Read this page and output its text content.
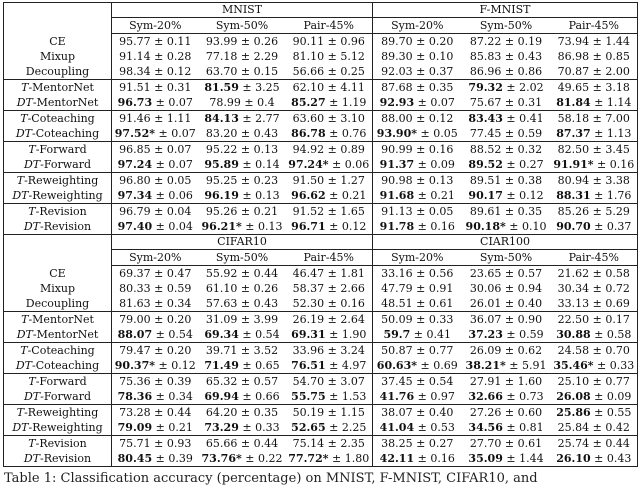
	MNIST			F-MNIST		
	Sym-20%	Sym-50%	Pair-45%	Sym-20%	Sym-50%	Pair-45%
CE	95.77 ± 0.11	93.99 ± 0.26	90.11 ± 0.96	89.70 ± 0.20	87.22 ± 0.19	73.94 ± 1.44
Mixup	91.14 ± 0.28	77.18 ± 2.29	81.10 ± 5.12	89.30 ± 0.10	85.83 ± 0.43	86.98 ± 0.85
Decoupling	98.34 ± 0.12	63.70 ± 0.15	56.66 ± 0.25	92.03 ± 0.37	86.96 ± 0.86	70.87 ± 2.00
T-MentorNet	91.51 ± 0.31	81.59 ± 3.25	62.10 ± 4.11	87.68 ± 0.35	79.32 ± 2.02	49.65 ± 3.18
DT-MentorNet	96.73 ± 0.07	78.99 ± 0.4	85.27 ± 1.19	92.93 ± 0.07	75.67 ± 0.31	81.84 ± 1.14
T-Coteaching	91.46 ± 1.11	84.13 ± 2.77	63.60 ± 3.10	88.00 ± 0.12	83.43 ± 0.41	58.18 ± 7.00
DT-Coteaching	97.52* ± 0.07	83.20 ± 0.43	86.78 ± 0.76	93.90* ± 0.05	77.45 ± 0.59	87.37 ± 1.13
T-Forward	96.85 ± 0.07	95.22 ± 0.13	94.92 ± 0.89	90.99 ± 0.16	88.52 ± 0.32	82.50 ± 3.45
DT-Forward	97.24 ± 0.07	95.89 ± 0.14	97.24* ± 0.06	91.37 ± 0.09	89.52 ± 0.27	91.91* ± 0.16
T-Reweighting	96.80 ± 0.05	95.25 ± 0.23	91.50 ± 1.27	90.98 ± 0.13	89.51 ± 0.38	80.94 ± 3.38
DT-Reweighting	97.34 ± 0.06	96.19 ± 0.13	96.62 ± 0.21	91.68 ± 0.21	90.17 ± 0.12	88.31 ± 1.76
T-Revision	96.79 ± 0.04	95.26 ± 0.21	91.52 ± 1.65	91.13 ± 0.05	89.61 ± 0.35	85.26 ± 5.29
DT-Revision	97.40 ± 0.04	96.21* ± 0.13	96.71 ± 0.12	91.78 ± 0.16	90.18* ± 0.10	90.70 ± 0.37
	CIFAR10			CIAR100		
	Sym-20%	Sym-50%	Pair-45%	Sym-20%	Sym-50%	Pair-45%
CE	69.37 ± 0.47	55.92 ± 0.44	46.47 ± 1.81	33.16 ± 0.56	23.65 ± 0.57	21.62 ± 0.58
Mixup	80.33 ± 0.59	61.10 ± 0.26	58.37 ± 2.66	47.79 ± 0.91	30.06 ± 0.94	30.34 ± 0.72
Decoupling	81.63 ± 0.34	57.63 ± 0.43	52.30 ± 0.16	48.51 ± 0.61	26.01 ± 0.40	33.13 ± 0.69
T-MentorNet	79.00 ± 0.20	31.09 ± 3.99	26.19 ± 2.64	50.09 ± 0.33	36.07 ± 0.90	22.50 ± 0.17
DT-MentorNet	88.07 ± 0.54	69.34 ± 0.54	69.31 ± 1.90	59.7 ± 0.41	37.23 ± 0.59	30.88 ± 0.58
T-Coteaching	79.47 ± 0.20	39.71 ± 3.52	33.96 ± 3.24	50.87 ± 0.77	26.09 ± 0.62	24.58 ± 0.70
DT-Coteaching	90.37* ± 0.12	71.49 ± 0.65	76.51 ± 4.97	60.63* ± 0.69	38.21* ± 5.91	35.46* ± 0.33
T-Forward	75.36 ± 0.39	65.32 ± 0.57	54.70 ± 3.07	37.45 ± 0.54	27.91 ± 1.60	25.10 ± 0.77
DT-Forward	78.36 ± 0.34	69.94 ± 0.66	55.75 ± 1.53	41.76 ± 0.97	32.66 ± 0.73	26.08 ± 0.09
T-Reweighting	73.28 ± 0.44	64.20 ± 0.35	50.19 ± 1.15	38.07 ± 0.40	27.26 ± 0.60	25.86 ± 0.55
DT-Reweighting	79.09 ± 0.21	73.29 ± 0.33	52.65 ± 2.25	41.04 ± 0.53	34.56 ± 0.81	25.84 ± 0.42
T-Revision	75.71 ± 0.93	65.66 ± 0.44	75.14 ± 2.35	38.25 ± 0.27	27.70 ± 0.61	25.74 ± 0.44
DT-Revision	80.45 ± 0.39	73.76* ± 0.22	77.72* ± 1.80	42.11 ± 0.16	35.09 ± 1.44	26.10 ± 0.43
Table 1: Classification accuracy (percentage) on MNIST, F-MNIST, CIFAR10, and
